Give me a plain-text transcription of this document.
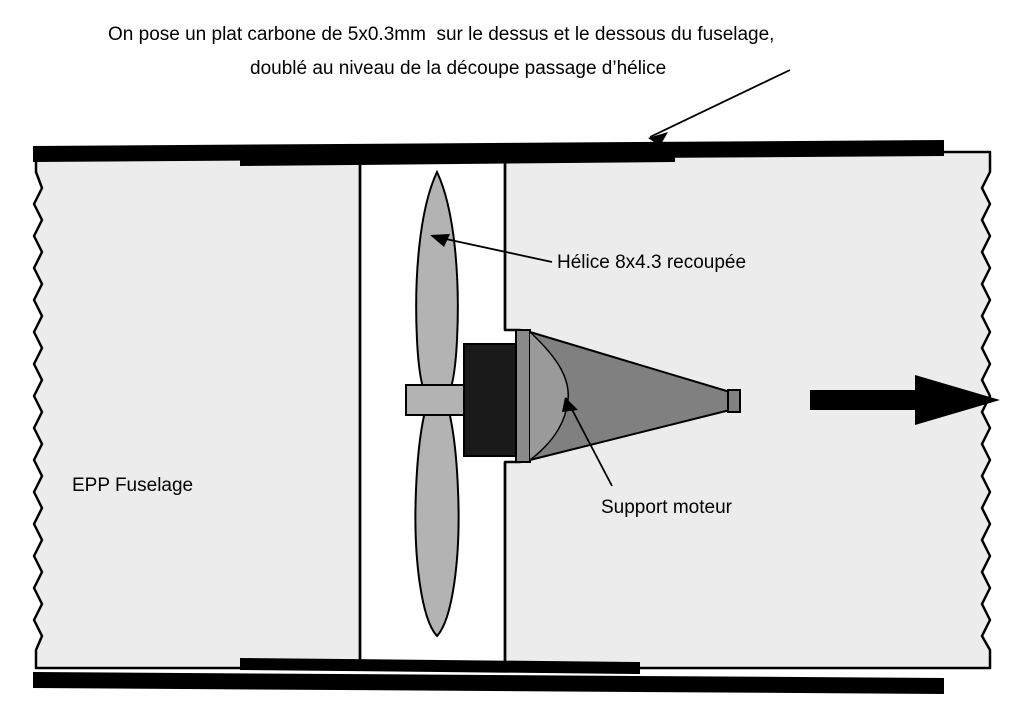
On pose un plat carbone de 5x0.3mm  sur le dessus et le dessous du fuselage,
doublé au niveau de la découpe passage d’hélice
Hélice 8x4.3 recoupée
Support moteur
EPP Fuselage
